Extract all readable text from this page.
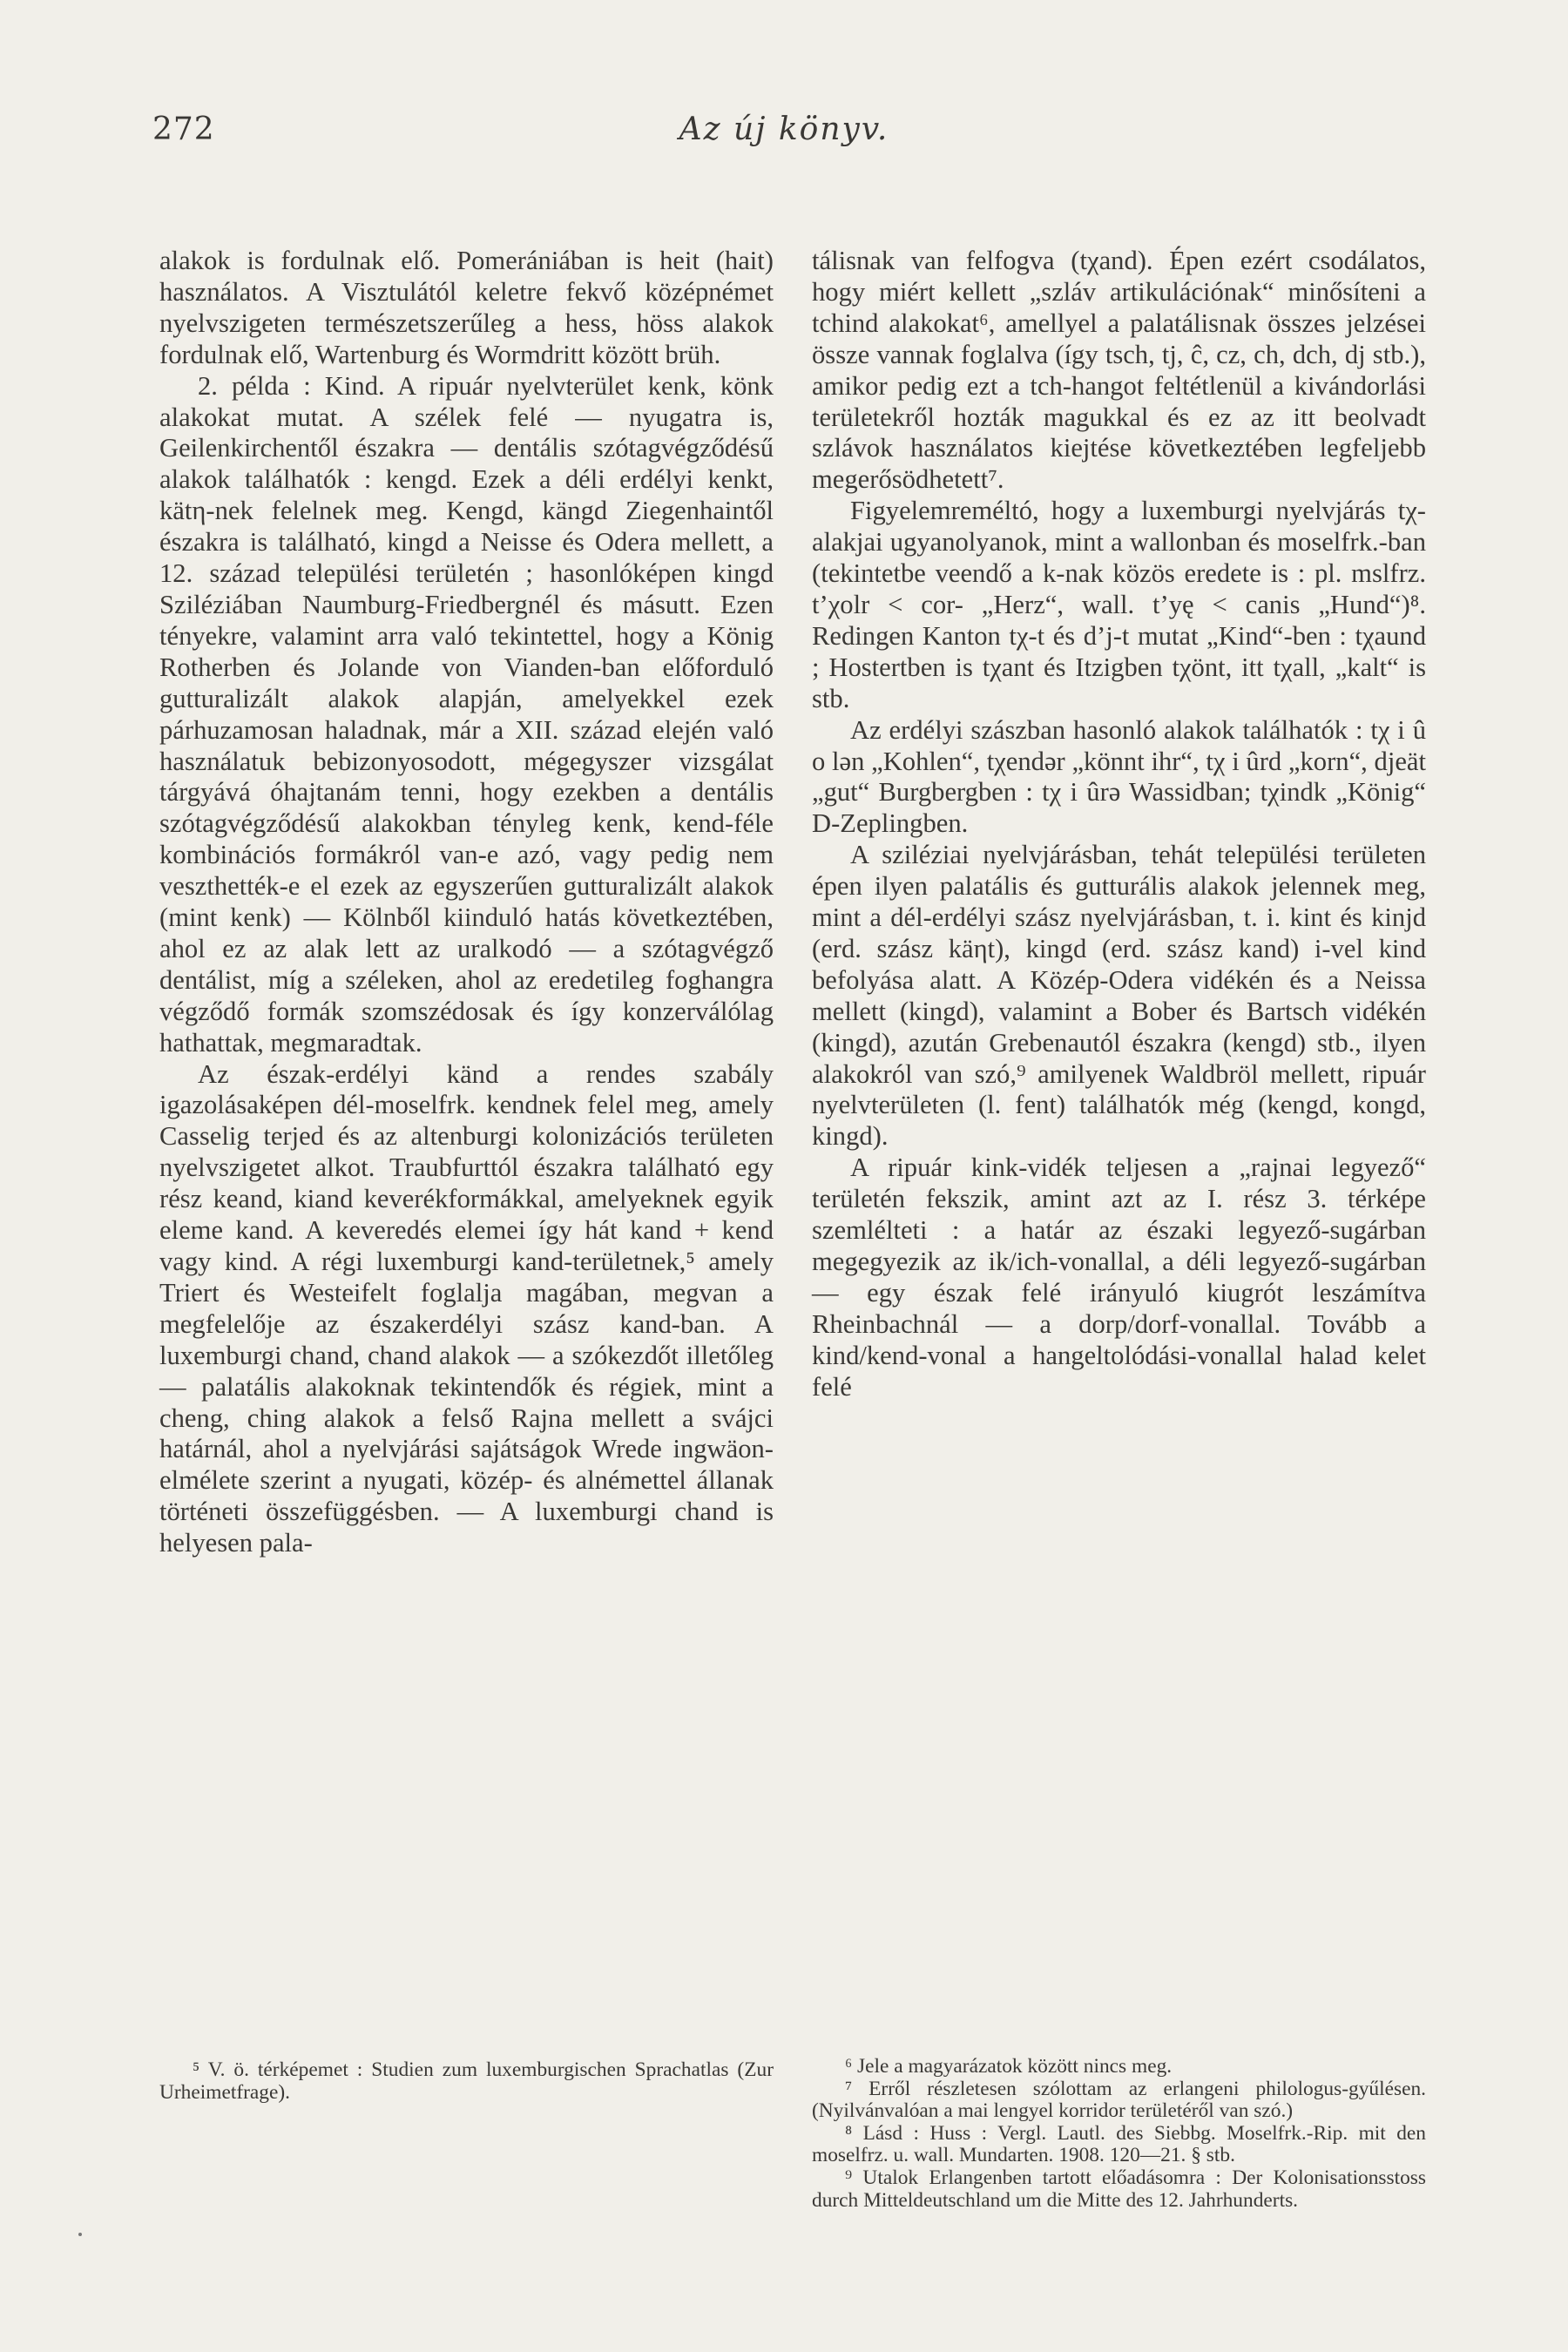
272	Az új könyv.

alakok is fordulnak elő. Pomerániában is heit (hait) használatos. A Visztulától keletre fekvő középnémet nyelvszigeten természetszerűleg a hess, höss alakok fordulnak elő, Wartenburg és Wormdritt között brüh.

2. példa : Kind. A ripuár nyelvterület kenk, könk alakokat mutat. A szélek felé — nyugatra is, Geilenkirchentől északra — dentális szótagvégződésű alakok találhatók : kengd. Ezek a déli erdélyi kenkt, kätη-nek felelnek meg. Kengd, kängd Ziegenhaintől északra is található, kingd a Neisse és Odera mellett, a 12. század települési területén ; hasonlóképen kingd Sziléziában Naumburg-Friedbergnél és másutt. Ezen tényekre, valamint arra való tekintettel, hogy a König Rotherben és Jolande von Vianden-ban előforduló gutturalizált alakok alapján, amelyekkel ezek párhuzamosan haladnak, már a XII. század elején való használatuk bebizonyosodott, mégegyszer vizsgálat tárgyává óhajtanám tenni, hogy ezekben a dentális szótagvégződésű alakokban tényleg kenk, kend-féle kombinációs formákról van-e azó, vagy pedig nem veszthették-e el ezek az egyszerűen gutturalizált alakok (mint kenk) — Kölnből kiinduló hatás következtében, ahol ez az alak lett az uralkodó — a szótagvégző dentálist, míg a széleken, ahol az eredetileg foghangra végződő formák szomszédosak és így konzerválólag hathattak, megmaradtak.

Az észak-erdélyi känd a rendes szabály igazolásaképen dél-moselfrk. kendnek felel meg, amely Casselig terjed és az altenburgi kolonizációs területen nyelvszigetet alkot. Traubfurttól északra található egy rész keand, kiand keverékformákkal, amelyeknek egyik eleme kand. A keveredés elemei így hát kand + kend vagy kind. A régi luxemburgi kand-területnek,⁵ amely Triert és Westeifelt foglalja magában, megvan a megfelelője az északerdélyi szász kand-ban. A luxemburgi chand, chand alakok — a szókezdőt illetőleg — palatális alakoknak tekintendők és régiek, mint a cheng, ching alakok a felső Rajna mellett a svájci határnál, ahol a nyelvjárási sajátságok Wrede ingwäon-elmélete szerint a nyugati, közép- és alnémettel állanak történeti összefüggésben. — A luxemburgi chand is helyesen pala-

tálisnak van felfogva (tχand). Épen ezért csodálatos, hogy miért kellett „szláv artikulációnak“ minősíteni a tchind alakokat⁶, amellyel a palatálisnak összes jelzései össze vannak foglalva (így tsch, tj, ĉ, cz, ch, dch, dj stb.), amikor pedig ezt a tch-hangot feltétlenül a kivándorlási területekről hozták magukkal és ez az itt beolvadt szlávok használatos kiejtése következtében legfeljebb megerősödhetett⁷.

Figyelemreméltó, hogy a luxemburgi nyelvjárás tχ-alakjai ugyanolyanok, mint a wallonban és moselfrk.-ban (tekintetbe veendő a k-nak közös eredete is : pl. mslfrz. t’χolr < cor- „Herz“, wall. t’yę < canis „Hund“)⁸. Redingen Kanton tχ-t és d’j-t mutat „Kind“-ben : tχaund ; Hostertben is tχant és Itzigben tχönt, itt tχall, „kalt“ is stb.

Az erdélyi szászban hasonló alakok találhatók : tχ i û o lən „Kohlen“, tχendər „könnt ihr“, tχ i ûrd „korn“, djeät „gut“ Burgbergben : tχ i ûrə Wassidban; tχindk „König“ D-Zeplingben.

A sziléziai nyelvjárásban, tehát települési területen épen ilyen palatális és gutturális alakok jelennek meg, mint a dél-erdélyi szász nyelvjárásban, t. i. kint és kinjd (erd. szász käηt), kingd (erd. szász kand) i-vel kind befolyása alatt. A Közép-Odera vidékén és a Neissa mellett (kingd), valamint a Bober és Bartsch vidékén (kingd), azután Grebenautól északra (kengd) stb., ilyen alakokról van szó,⁹ amilyenek Waldbröl mellett, ripuár nyelvterületen (l. fent) találhatók még (kengd, kongd, kingd).

A ripuár kink-vidék teljesen a „rajnai legyező“ területén fekszik, amint azt az I. rész 3. térképe szemlélteti : a határ az északi legyező-sugárban megegyezik az ik/ich-vonallal, a déli legyező-sugárban — egy észak felé irányuló kiugrót leszámítva Rheinbachnál — a dorp/dorf-vonallal. Tovább a kind/kend-vonal a hangeltolódási-vonallal halad kelet felé

⁵ V. ö. térképemet : Studien zum luxemburgischen Sprachatlas (Zur Urheimetfrage).

⁶ Jele a magyarázatok között nincs meg.

⁷ Erről részletesen szólottam az erlangeni philologus-gyűlésen. (Nyilvánvalóan a mai lengyel korridor területéről van szó.)

⁸ Lásd : Huss : Vergl. Lautl. des Siebbg. Moselfrk.-Rip. mit den moselfrz. u. wall. Mundarten. 1908. 120—21. § stb.

⁹ Utalok Erlangenben tartott előadásomra : Der Kolonisationsstoss durch Mitteldeutschland um die Mitte des 12. Jahrhunderts.
